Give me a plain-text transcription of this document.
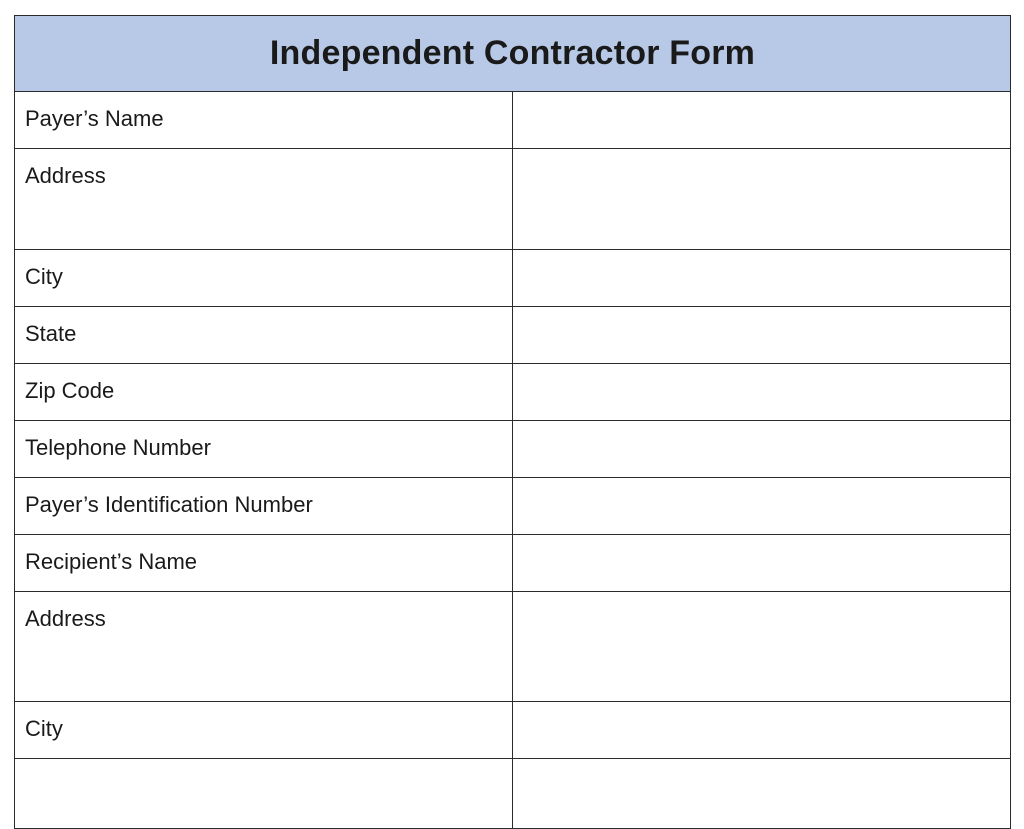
Independent Contractor Form
Payer’s Name
Address
City
State
Zip Code
Telephone Number
Payer’s Identification Number
Recipient’s Name
Address
City
